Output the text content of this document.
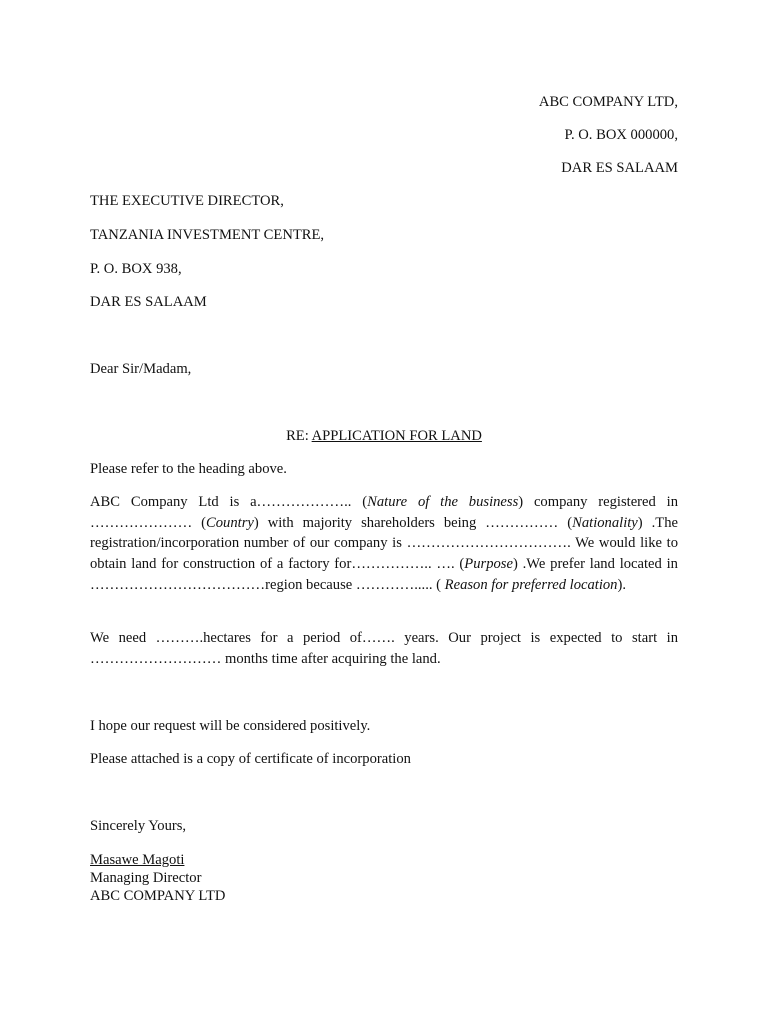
ABC COMPANY LTD,
P. O. BOX 000000,
DAR ES SALAAM
THE EXECUTIVE DIRECTOR,
TANZANIA INVESTMENT CENTRE,
P. O. BOX 938,
DAR ES SALAAM
Dear Sir/Madam,
RE: APPLICATION FOR LAND
Please refer to the heading above.
ABC Company Ltd is a……………….. (Nature of the business) company registered in ………………… (Country) with majority shareholders being …………… (Nationality) .The registration/incorporation number of our company is ……………………………. We would like to obtain land for construction of a factory for…………….. …. (Purpose) .We prefer land located in ………………………………region because …………..... ( Reason for preferred location).
We need ……….hectares for a period of……. years. Our project is expected to start in ……………………… months time after acquiring the land.
I hope our request will be considered positively.
Please attached is a copy of certificate of incorporation
Sincerely Yours,
Masawe Magoti
Managing Director
ABC COMPANY LTD
